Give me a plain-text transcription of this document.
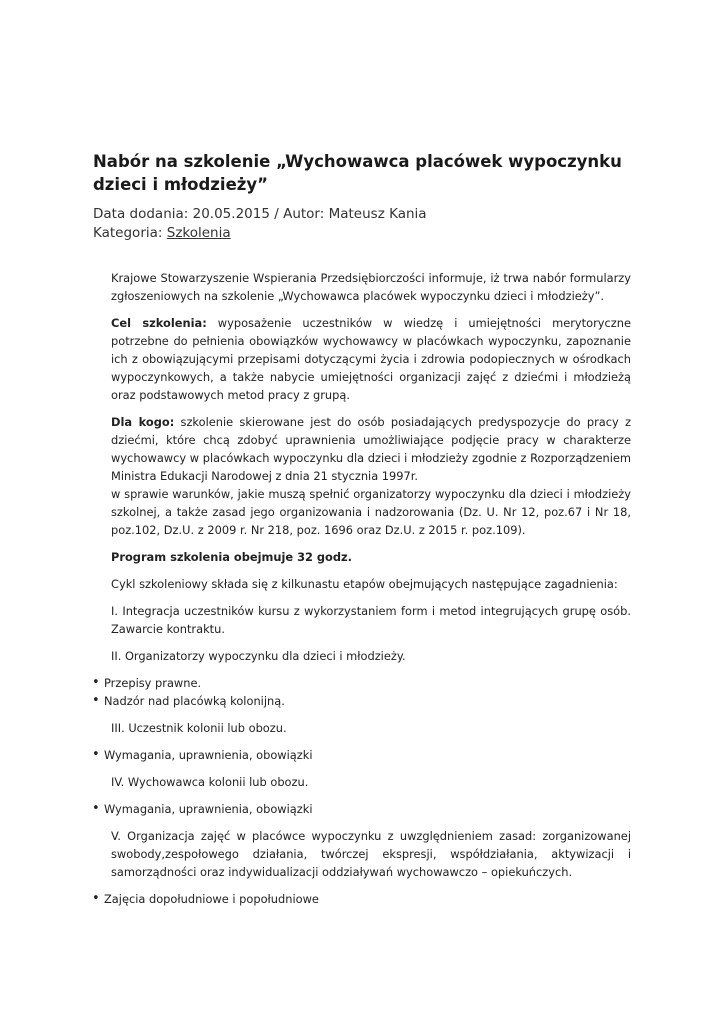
Nabór na szkolenie „Wychowawca placówek wypoczynku dzieci i młodzieży”
Data dodania: 20.05.2015 / Autor: Mateusz Kania
Kategoria: Szkolenia

Krajowe Stowarzyszenie Wspierania Przedsiębiorczości informuje, iż trwa nabór formularzy zgłoszeniowych na szkolenie „Wychowawca placówek wypoczynku dzieci i młodzieży”.

Cel szkolenia: wyposażenie uczestników w wiedzę i umiejętności merytoryczne potrzebne do pełnienia obowiązków wychowawcy w placówkach wypoczynku, zapoznanie ich z obowiązującymi przepisami dotyczącymi życia i zdrowia podopiecznych w ośrodkach wypoczynkowych, a także nabycie umiejętności organizacji zajęć z dziećmi i młodzieżą oraz podstawowych metod pracy z grupą.

Dla kogo: szkolenie skierowane jest do osób posiadających predyspozycje do pracy z dziećmi, które chcą zdobyć uprawnienia umożliwiające podjęcie pracy w charakterze wychowawcy w placówkach wypoczynku dla dzieci i młodzieży zgodnie z Rozporządzeniem Ministra Edukacji Narodowej z dnia 21 stycznia 1997r.
w sprawie warunków, jakie muszą spełnić organizatorzy wypoczynku dla dzieci i młodzieży szkolnej, a także zasad jego organizowania i nadzorowania (Dz. U. Nr 12, poz.67 i Nr 18, poz.102, Dz.U. z 2009 r. Nr 218, poz. 1696 oraz Dz.U. z 2015 r. poz.109).

Program szkolenia obejmuje 32 godz.

Cykl szkoleniowy składa się z kilkunastu etapów obejmujących następujące zagadnienia:

I. Integracja uczestników kursu z wykorzystaniem form i metod integrujących grupę osób. Zawarcie kontraktu.

II. Organizatorzy wypoczynku dla dzieci i młodzieży.

• Przepisy prawne.
• Nadzór nad placówką kolonijną.

III. Uczestnik kolonii lub obozu.

• Wymagania, uprawnienia, obowiązki

IV. Wychowawca kolonii lub obozu.

• Wymagania, uprawnienia, obowiązki

V. Organizacja zajęć w placówce wypoczynku z uwzględnieniem zasad: zorganizowanej swobody,zespołowego działania, twórczej ekspresji, współdziałania, aktywizacji i samorządności oraz indywidualizacji oddziaływań wychowawczo – opiekuńczych.

• Zajęcia dopołudniowe i popołudniowe
